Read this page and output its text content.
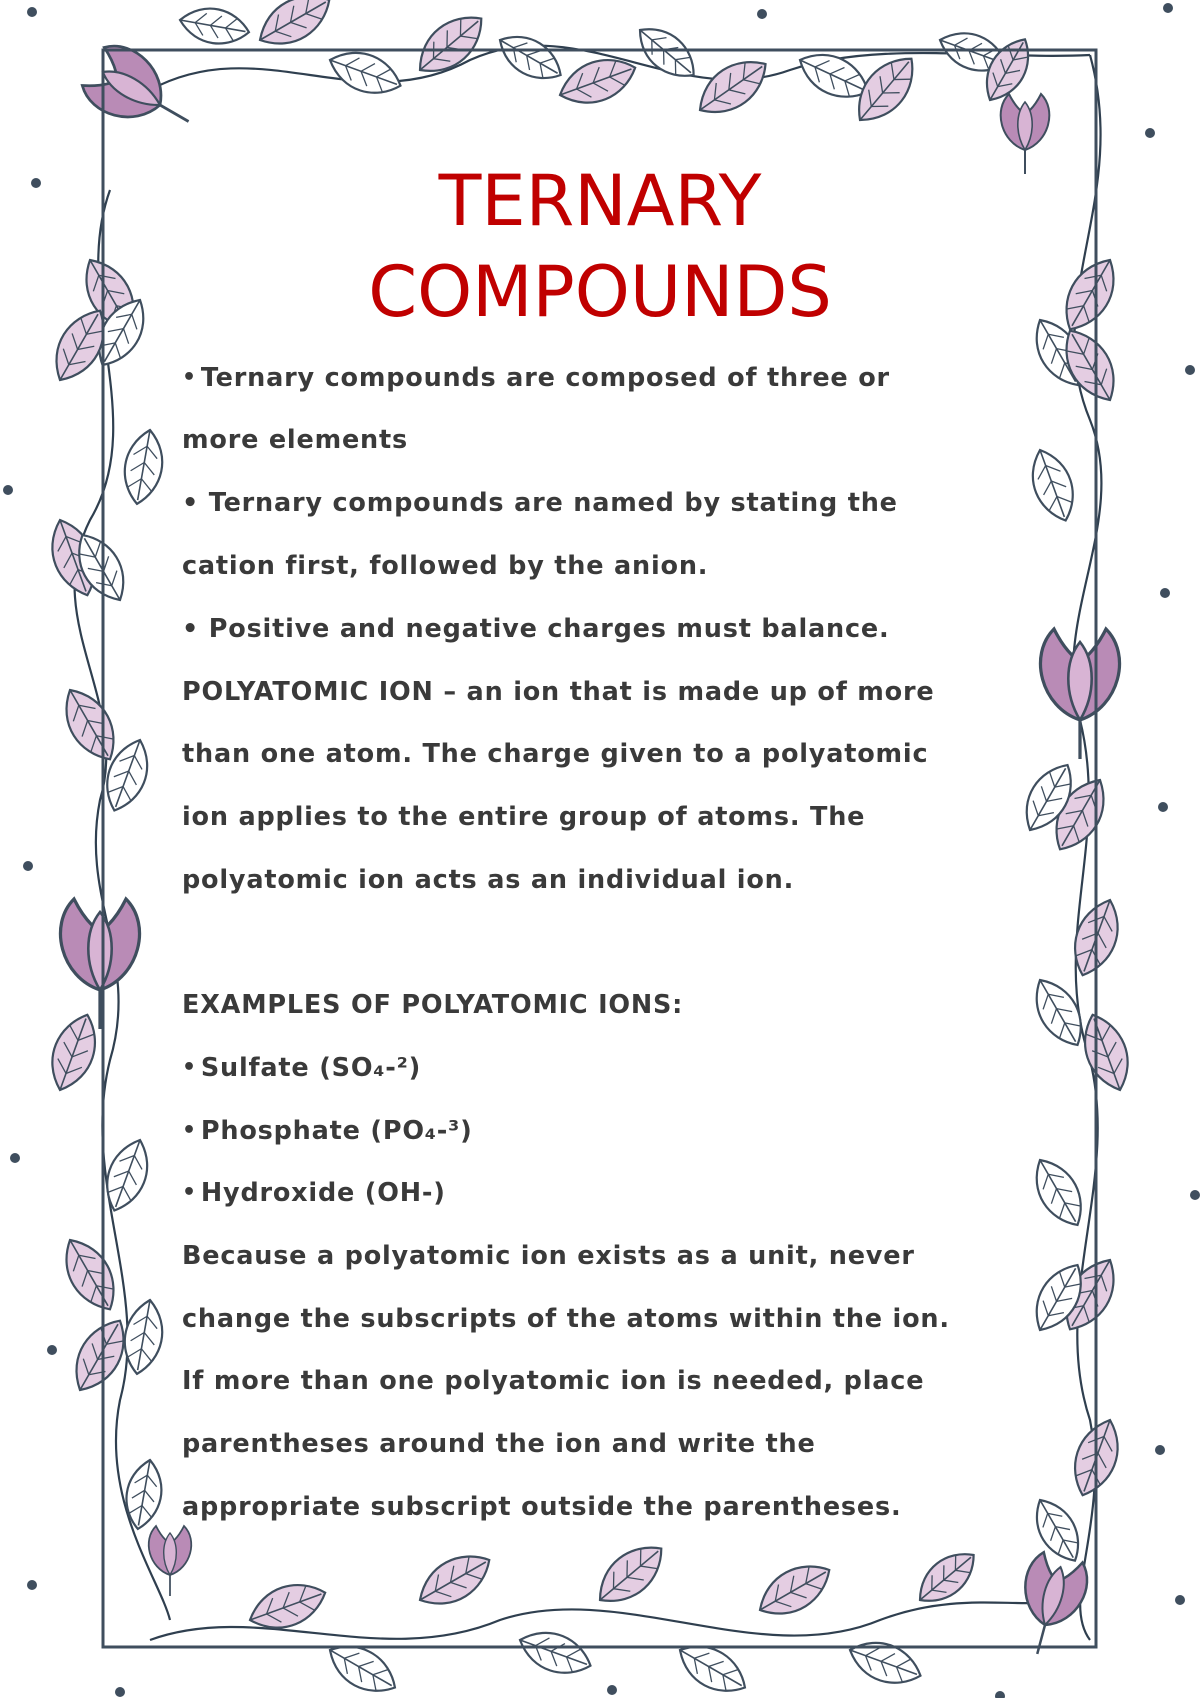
TERNARY
COMPOUNDS

• Ternary compounds are composed of three or

more elements

• Ternary compounds are named by stating the

cation first, followed by the anion.

• Positive and negative charges must balance.

POLYATOMIC ION – an ion that is made up of more

than one atom. The charge given to a polyatomic

ion applies to the entire group of atoms. The

polyatomic ion acts as an individual ion.

EXAMPLES OF POLYATOMIC IONS:

• Sulfate (SO₄-²)

• Phosphate (PO₄-³)

• Hydroxide (OH-)

Because a polyatomic ion exists as a unit, never

change the subscripts of the atoms within the ion.

If more than one polyatomic ion is needed, place

parentheses around the ion and write the

appropriate subscript outside the parentheses.
